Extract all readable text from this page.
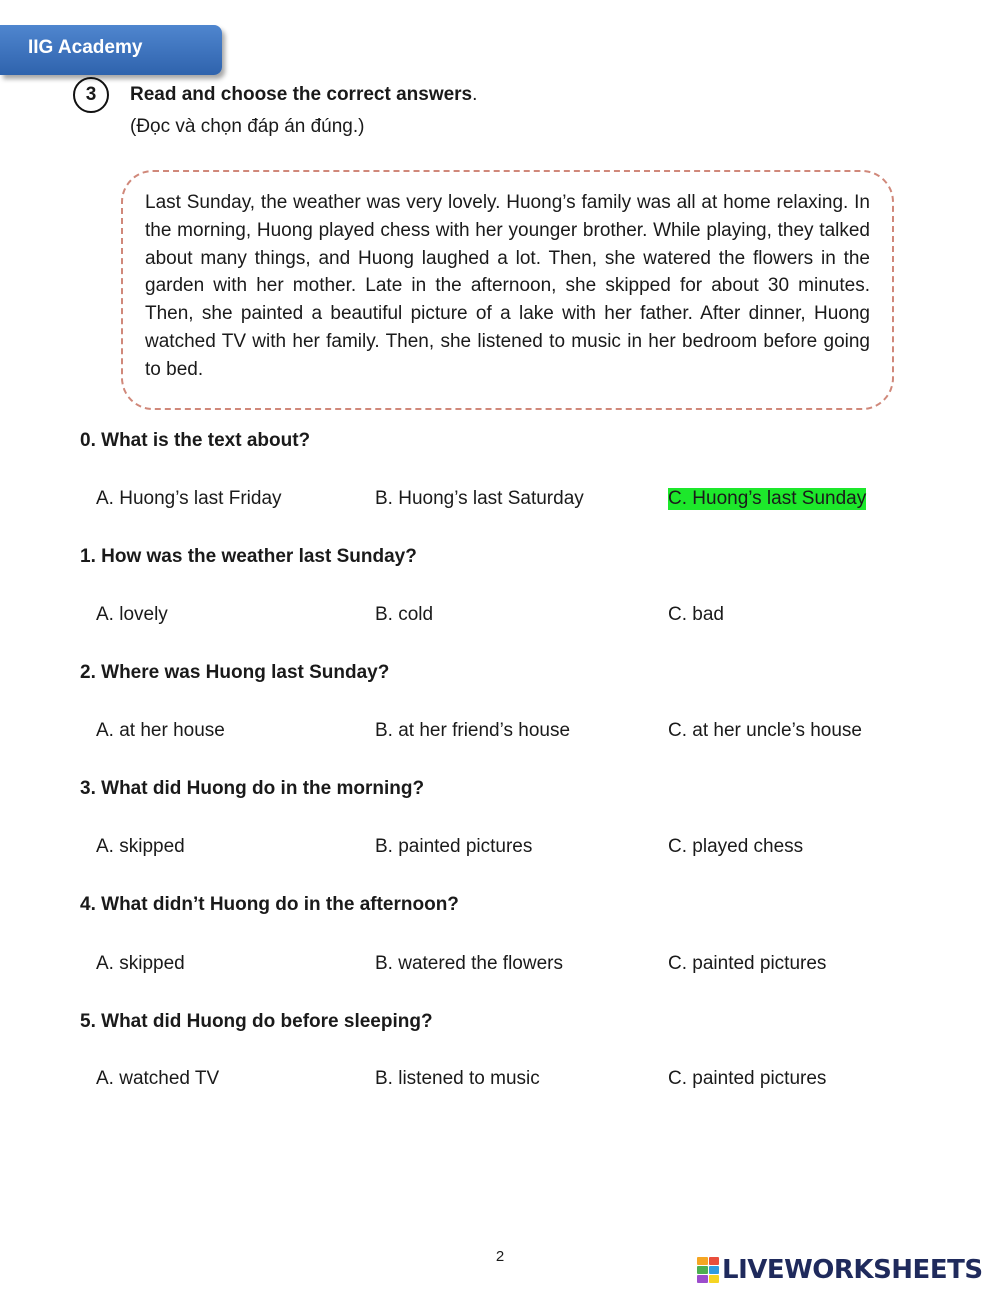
IIG Academy
3	Read and choose the correct answers.
(Đọc và chọn đáp án đúng.)
Last Sunday, the weather was very lovely. Huong’s family was all at home relaxing. In the morning, Huong played chess with her younger brother. While playing, they talked about many things, and Huong laughed a lot. Then, she watered the flowers in the garden with her mother. Late in the afternoon, she skipped for about 30 minutes. Then, she painted a beautiful picture of a lake with her father. After dinner, Huong watched TV with her family. Then, she listened to music in her bedroom before going to bed.
0. What is the text about?
A. Huong’s last Friday	B. Huong’s last Saturday	C. Huong’s last Sunday
1. How was the weather last Sunday?
A. lovely	B. cold	C. bad
2. Where was Huong last Sunday?
A. at her house	B. at her friend’s house	C. at her uncle’s house
3. What did Huong do in the morning?
A. skipped	B. painted pictures	C. played chess
4. What didn’t Huong do in the afternoon?
A. skipped	B. watered the flowers	C. painted pictures
5. What did Huong do before sleeping?
A. watched TV	B. listened to music	C. painted pictures
2	LIVEWORKSHEETS
